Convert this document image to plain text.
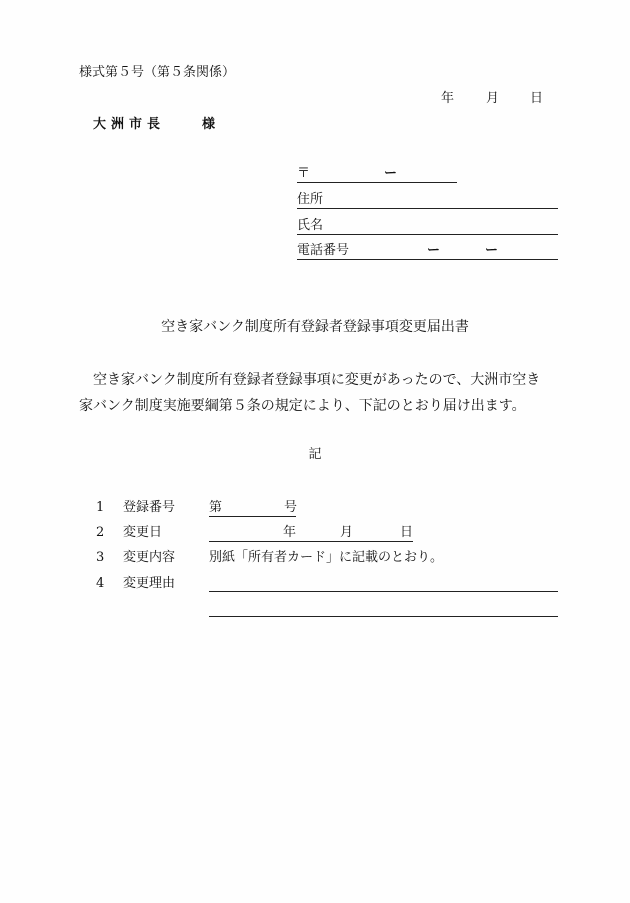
様式第５号（第５条関係）
年 月 日
大洲市長	様
〒	ー
住所
氏名
電話番号	ー	ー
空き家バンク制度所有登録者登録事項変更届出書
空き家バンク制度所有登録者登録事項に変更があったので、大洲市空き
家バンク制度実施要綱第５条の規定により、下記のとおり届け出ます。
記
1 登録番号	第	号
2 変更日	年	月	日
3 変更内容	別紙「所有者カード」に記載のとおり。
4 変更理由
